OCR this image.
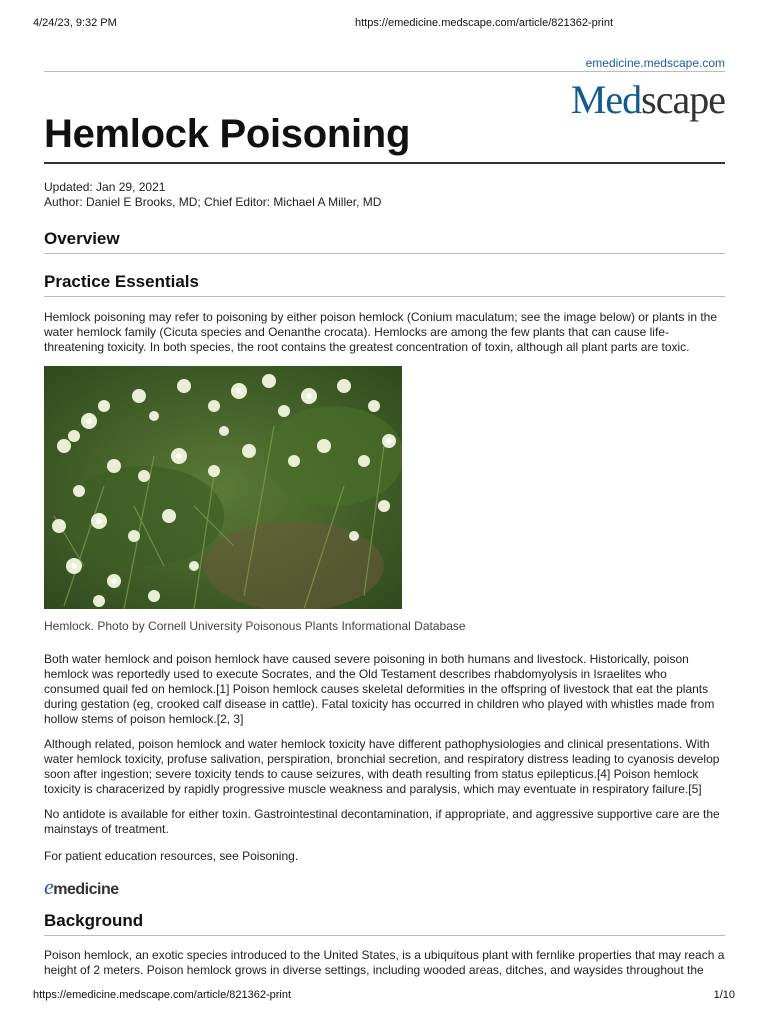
4/24/23, 9:32 PM	https://emedicine.medscape.com/article/821362-print
emedicine.medscape.com
Medscape
Hemlock Poisoning
Updated: Jan 29, 2021
Author: Daniel E Brooks, MD; Chief Editor: Michael A Miller, MD
Overview
Practice Essentials

Hemlock poisoning may refer to poisoning by either poison hemlock (Conium maculatum; see the image below) or plants in the water hemlock family (Cicuta species and Oenanthe crocata). Hemlocks are among the few plants that can cause life-threatening toxicity. In both species, the root contains the greatest concentration of toxin, although all plant parts are toxic.

Hemlock. Photo by Cornell University Poisonous Plants Informational Database

Both water hemlock and poison hemlock have caused severe poisoning in both humans and livestock. Historically, poison hemlock was reportedly used to execute Socrates, and the Old Testament describes rhabdomyolysis in Israelites who consumed quail fed on hemlock.[1] Poison hemlock causes skeletal deformities in the offspring of livestock that eat the plants during gestation (eg, crooked calf disease in cattle). Fatal toxicity has occurred in children who played with whistles made from hollow stems of poison hemlock.[2, 3]

Although related, poison hemlock and water hemlock toxicity have different pathophysiologies and clinical presentations. With water hemlock toxicity, profuse salivation, perspiration, bronchial secretion, and respiratory distress leading to cyanosis develop soon after ingestion; severe toxicity tends to cause seizures, with death resulting from status epilepticus.[4] Poison hemlock toxicity is characerized by rapidly progressive muscle weakness and paralysis, which may eventuate in respiratory failure.[5]

No antidote is available for either toxin. Gastrointestinal decontamination, if appropriate, and aggressive supportive care are the mainstays of treatment.

For patient education resources, see Poisoning.

emedicine
Background

Poison hemlock, an exotic species introduced to the United States, is a ubiquitous plant with fernlike properties that may reach a height of 2 meters. Poison hemlock grows in diverse settings, including wooded areas, ditches, and waysides throughout the

https://emedicine.medscape.com/article/821362-print	1/10
